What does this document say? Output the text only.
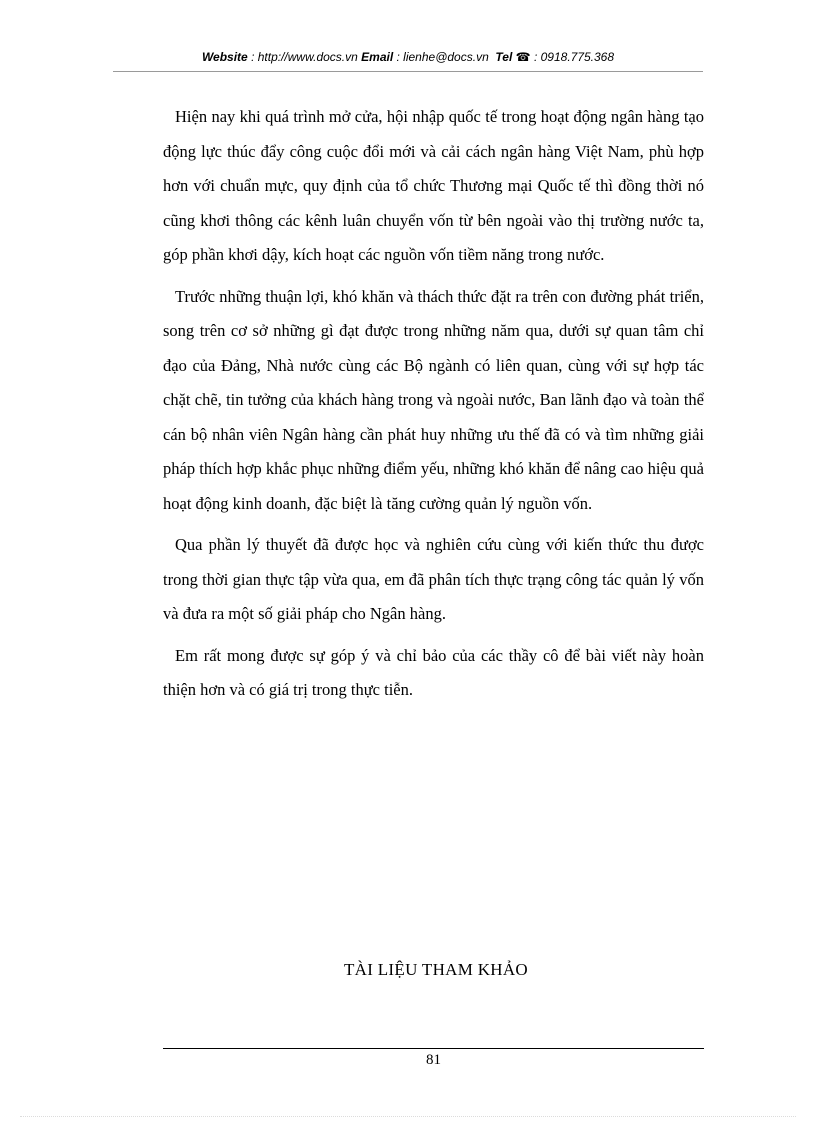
Website : http://www.docs.vn Email : lienhe@docs.vn Tel ☎ : 0918.775.368

Hiện nay khi quá trình mở cửa, hội nhập quốc tế trong hoạt động ngân hàng tạo động lực thúc đẩy công cuộc đổi mới và cải cách ngân hàng Việt Nam, phù hợp hơn với chuẩn mực, quy định của tổ chức Thương mại Quốc tế thì đồng thời nó cũng khơi thông các kênh luân chuyển vốn từ bên ngoài vào thị trường nước ta, góp phần khơi dậy, kích hoạt các nguồn vốn tiềm năng trong nước.

Trước những thuận lợi, khó khăn và thách thức đặt ra trên con đường phát triển, song trên cơ sở những gì đạt được trong những năm qua, dưới sự quan tâm chỉ đạo của Đảng, Nhà nước cùng các Bộ ngành có liên quan, cùng với sự hợp tác chặt chẽ, tin tưởng của khách hàng trong và ngoài nước, Ban lãnh đạo và toàn thể cán bộ nhân viên Ngân hàng cần phát huy những ưu thế đã có và tìm những giải pháp thích hợp khắc phục những điểm yếu, những khó khăn để nâng cao hiệu quả hoạt động kinh doanh, đặc biệt là tăng cường quản lý nguồn vốn.

Qua phần lý thuyết đã được học và nghiên cứu cùng với kiến thức thu được trong thời gian thực tập vừa qua, em đã phân tích thực trạng công tác quản lý vốn và đưa ra một số giải pháp cho Ngân hàng.

Em rất mong được sự góp ý và chỉ bảo của các thầy cô để bài viết này hoàn thiện hơn và có giá trị trong thực tiễn.

TÀI LIỆU THAM KHẢO
81
